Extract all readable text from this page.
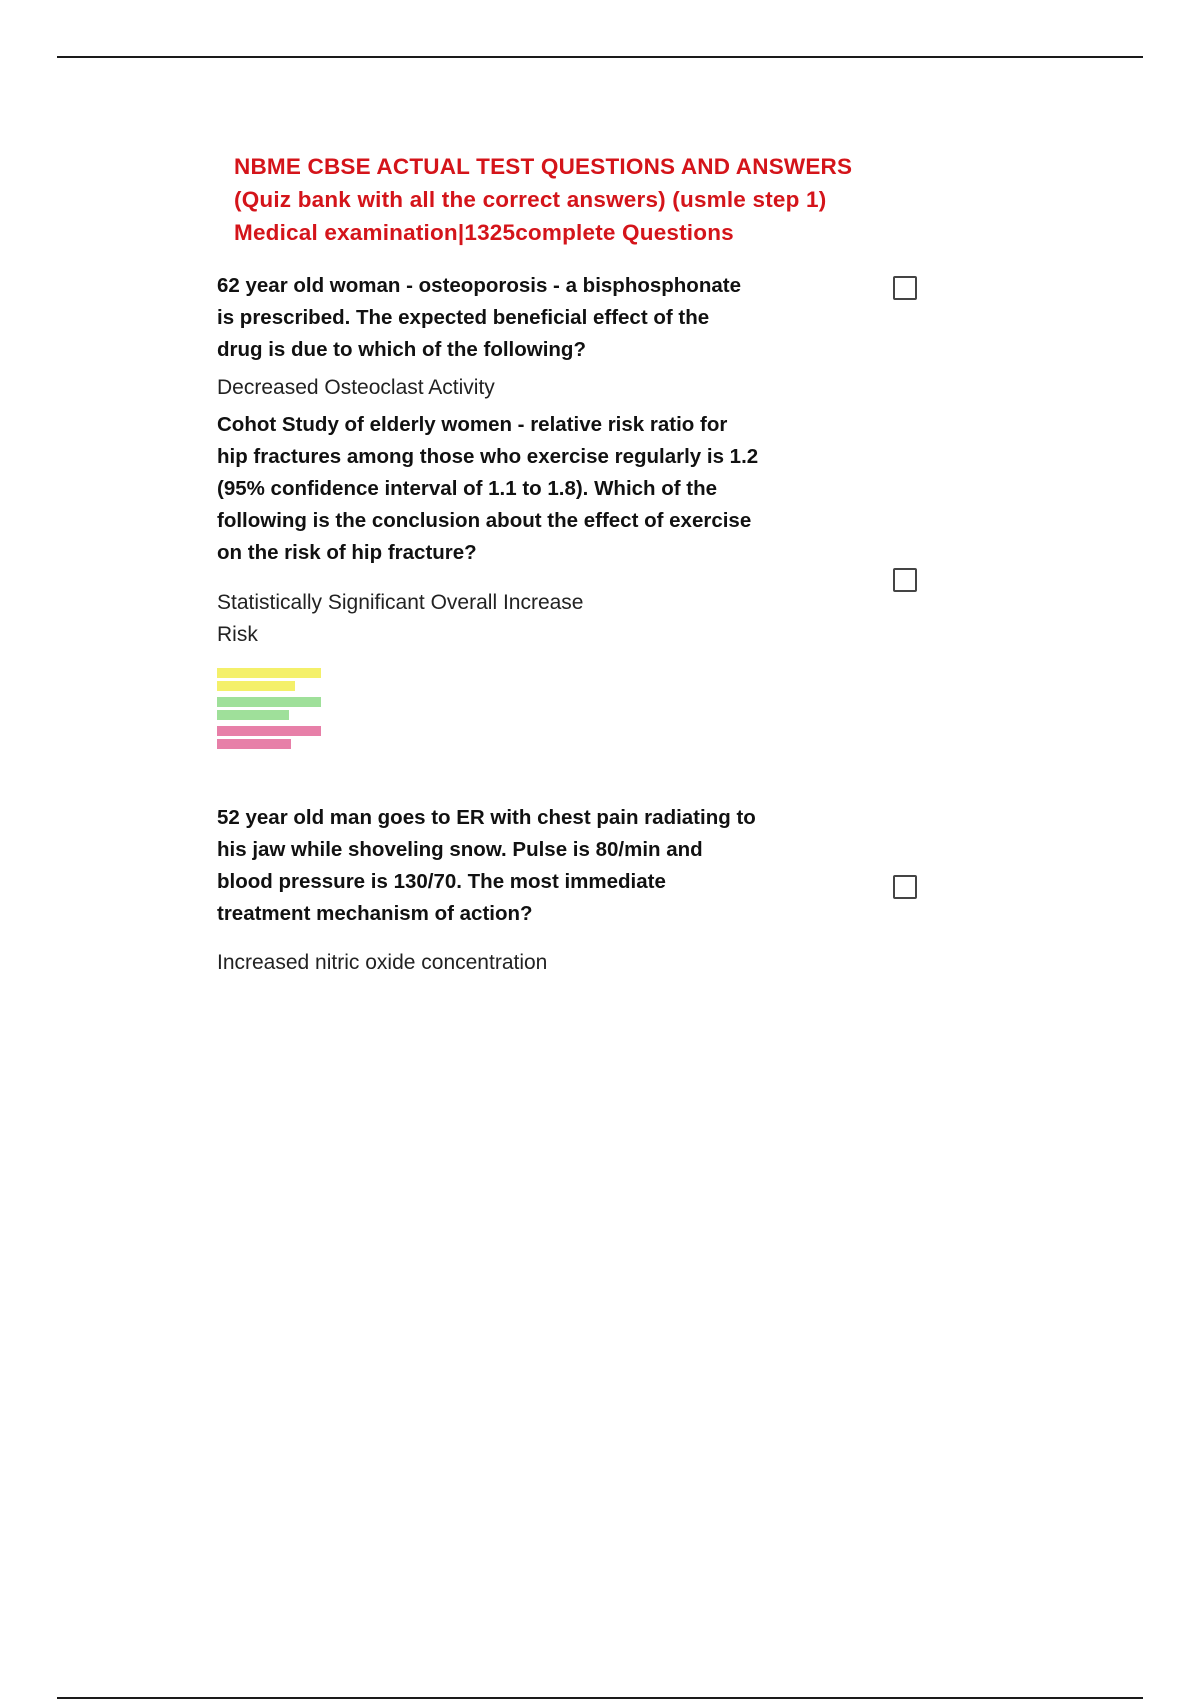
NBME CBSE ACTUAL TEST QUESTIONS AND ANSWERS
(Quiz bank with all the correct answers) (usmle step 1)
Medical examination|1325complete Questions
62 year old woman - osteoporosis - a bisphosphonate
is prescribed. The expected beneficial effect of the
drug is due to which of the following?
Decreased Osteoclast Activity
Cohot Study of elderly women - relative risk ratio for
hip fractures among those who exercise regularly is 1.2
(95% confidence interval of 1.1 to 1.8). Which of the
following is the conclusion about the effect of exercise
on the risk of hip fracture?
Statistically Significant Overall Increase
Risk
52 year old man goes to ER with chest pain radiating to
his jaw while shoveling snow. Pulse is 80/min and
blood pressure is 130/70. The most immediate
treatment mechanism of action?
Increased nitric oxide concentration
